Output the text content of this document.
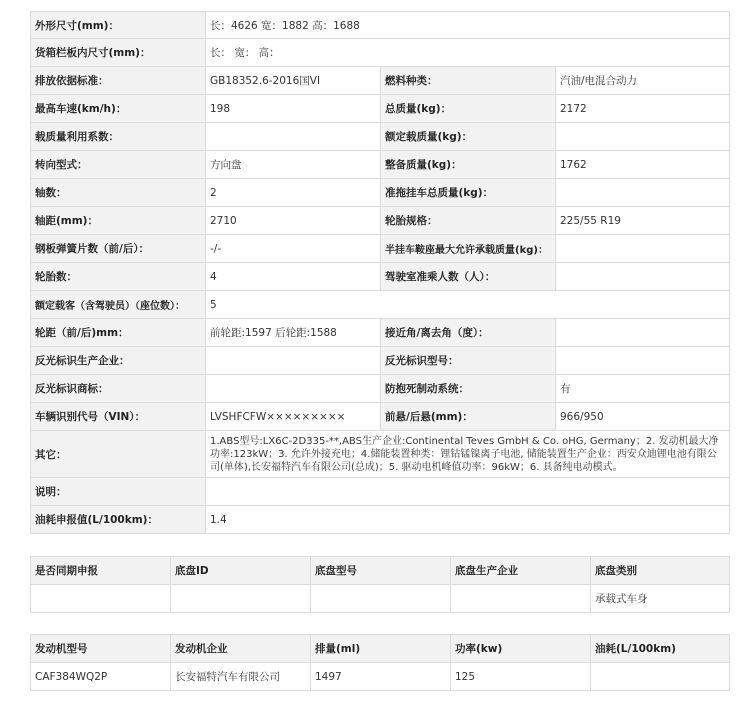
外形尺寸(mm)：	长：4626 宽：1882 高：1688		
货箱栏板内尺寸(mm)：	长： 宽： 高：		
排放依据标准：	GB18352.6-2016国VI	燃料种类：	汽油/电混合动力
最高车速(km/h)：	198	总质量(kg)：	2172
载质量利用系数：		额定载质量(kg)：	
转向型式：	方向盘	整备质量(kg)：	1762
轴数：	2	准拖挂车总质量(kg)：	
轴距(mm)：	2710	轮胎规格：	225/55 R19
钢板弹簧片数（前/后）：	-/-	半挂车鞍座最大允许承载质量(kg)：	
轮胎数：	4	驾驶室准乘人数（人）：	
额定载客（含驾驶员）（座位数）：	5		
轮距（前/后)mm：	前轮距:1597 后轮距:1588	接近角/离去角（度）：	
反光标识生产企业：		反光标识型号：	
反光标识商标：		防抱死制动系统：	有
车辆识别代号（VIN）：	LVSHFCFW×××××××××	前悬/后悬(mm)：	966/950
其它：	1.ABS型号:LX6C-2D335-**,ABS生产企业:Continental Teves GmbH & Co. oHG, Germany；2. 发动机最大净功率:123kW；3. 允许外接充电；4.储能装置种类：锂钴锰镍离子电池, 储能装置生产企业：西安众迪锂电池有限公司(单体),长安福特汽车有限公司(总成)；5. 驱动电机峰值功率：96kW；6. 具备纯电动模式。		
说明：			
油耗申报值(L/100km)：	1.4		
是否同期申报	底盘ID	底盘型号	底盘生产企业	底盘类别
				承载式车身
发动机型号	发动机企业	排量(ml)	功率(kw)	油耗(L/100km)
CAF384WQ2P	长安福特汽车有限公司	1497	125	
